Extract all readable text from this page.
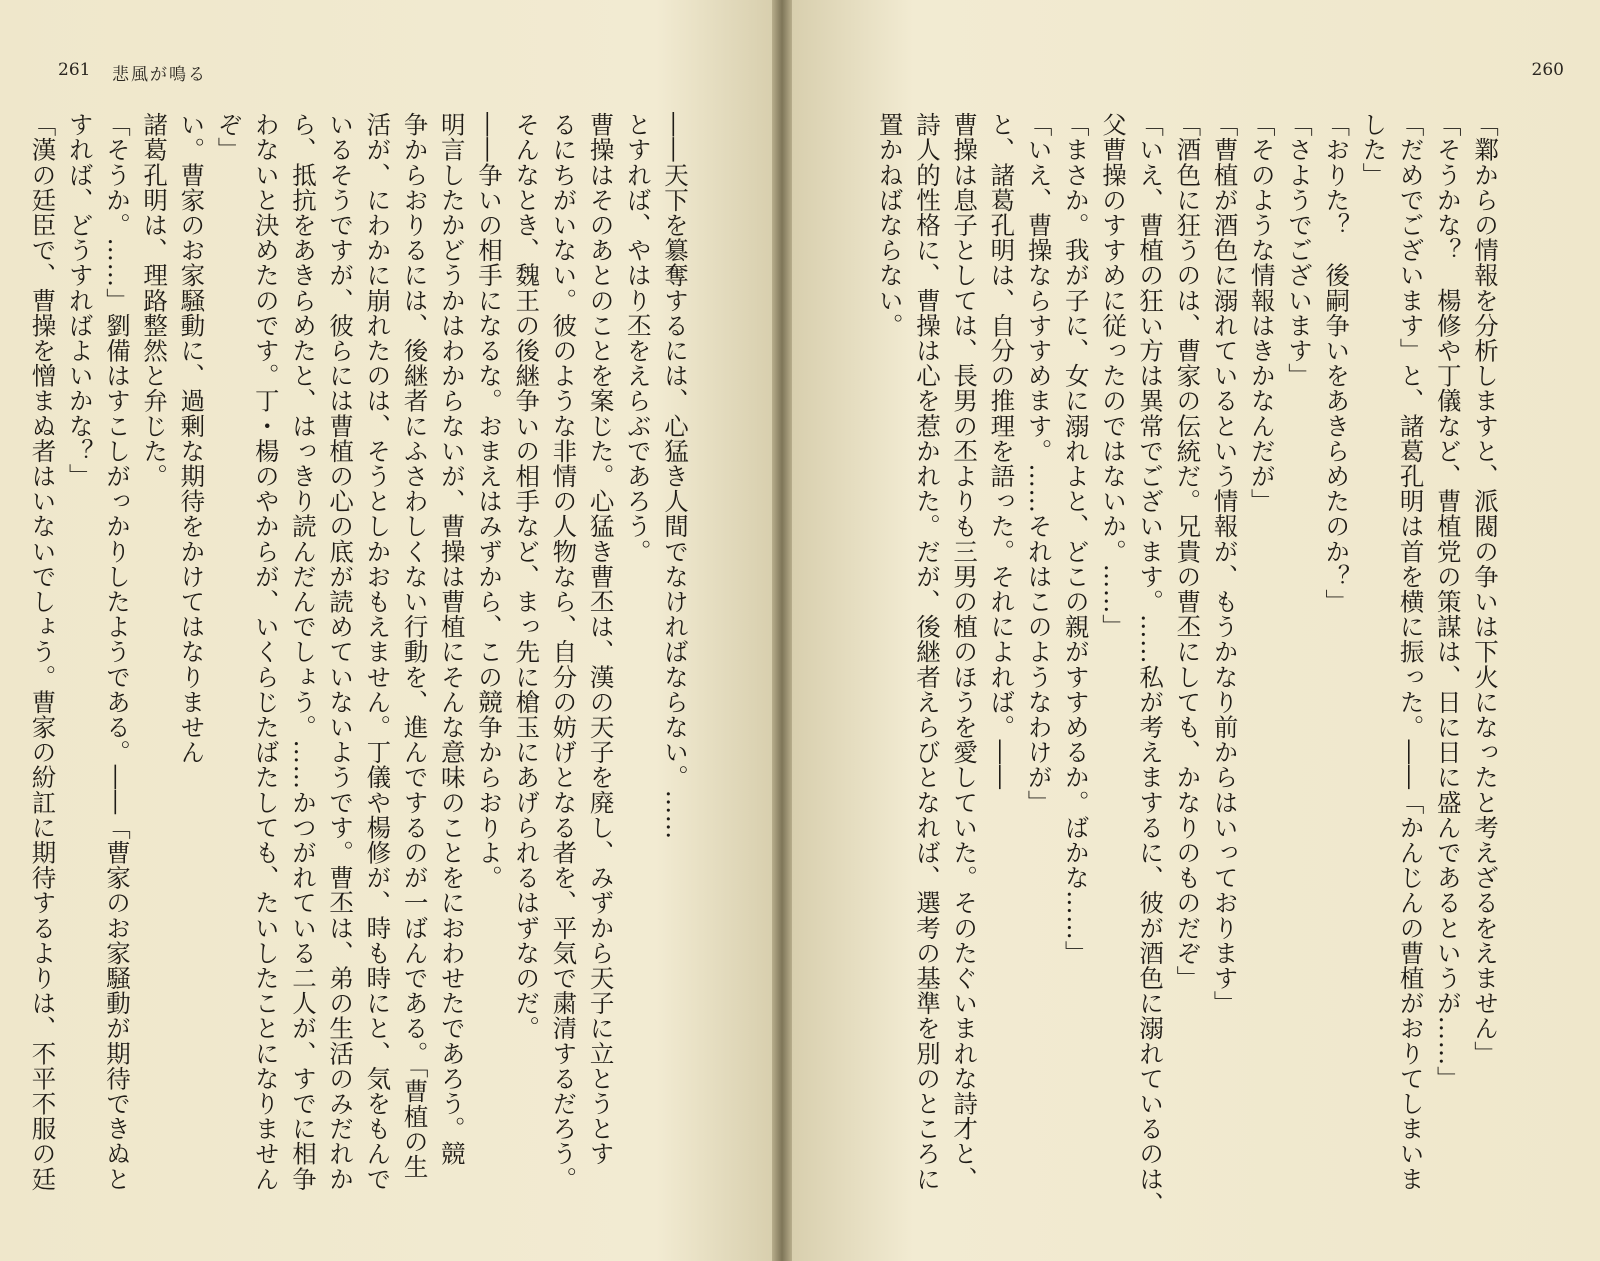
261 悲風が鳴る
――天下を簒奪するには、心猛き人間でなければならない。……
とすれば、やはり丕をえらぶであろう。
曹操はそのあとのことを案じた。心猛き曹丕は、漢の天子を廃し、みずから天子に立とうとす
るにちがいない。彼のような非情の人物なら、自分の妨げとなる者を、平気で粛清するだろう。
そんなとき、魏王の後継争いの相手など、まっ先に槍玉にあげられるはずなのだ。
――争いの相手になるな。おまえはみずから、この競争からおりよ。
明言したかどうかはわからないが、曹操は曹植にそんな意味のことをにおわせたであろう。競
争からおりるには、後継者にふさわしくない行動を、進んでするのが一ばんである。「曹植の生
活が、にわかに崩れたのは、そうとしかおもえません。丁儀や楊修が、時も時にと、気をもんで
いるそうですが、彼らには曹植の心の底が読めていないようです。曹丕は、弟の生活のみだれか
ら、抵抗をあきらめたと、はっきり読んだんでしょう。……かつがれている二人が、すでに相争
わないと決めたのです。丁・楊のやからが、いくらじたばたしても、たいしたことになりませんぞ」
い。曹家のお家騒動に、過剰な期待をかけてはなりません
諸葛孔明は、理路整然と弁じた。
「そうか。……」劉備はすこしがっかりしたようである。――「曹家のお家騒動が期待できぬと
すれば、どうすればよいかな？」
「漢の廷臣で、曹操を憎まぬ者はいないでしょう。曹家の紛訌に期待するよりは、不平不服の廷
260
「鄴からの情報を分析しますと、派閥の争いは下火になったと考えざるをえません」
「そうかな？　楊修や丁儀など、曹植党の策謀は、日に日に盛んであるというが……」
「だめでございます」と、諸葛孔明は首を横に振った。――「かんじんの曹植がおりてしまいま
した」
「おりた？　後嗣争いをあきらめたのか？」
「さようでございます」
「そのような情報はきかなんだが」
「曹植が酒色に溺れているという情報が、もうかなり前からはいっております」
「酒色に狂うのは、曹家の伝統だ。兄貴の曹丕にしても、かなりのものだぞ」
「いえ、曹植の狂い方は異常でございます。……私が考えまするに、彼が酒色に溺れているのは、
父曹操のすすめに従ったのではないか。……」
「まさか。我が子に、女に溺れよと、どこの親がすすめるか。ばかな……」
「いえ、曹操ならすすめます。……それはこのようなわけが」
と、諸葛孔明は、自分の推理を語った。それによれば。――
曹操は息子としては、長男の丕よりも三男の植のほうを愛していた。そのたぐいまれな詩才と、
詩人的性格に、曹操は心を惹かれた。だが、後継者えらびとなれば、選考の基準を別のところに
置かねばならない。
